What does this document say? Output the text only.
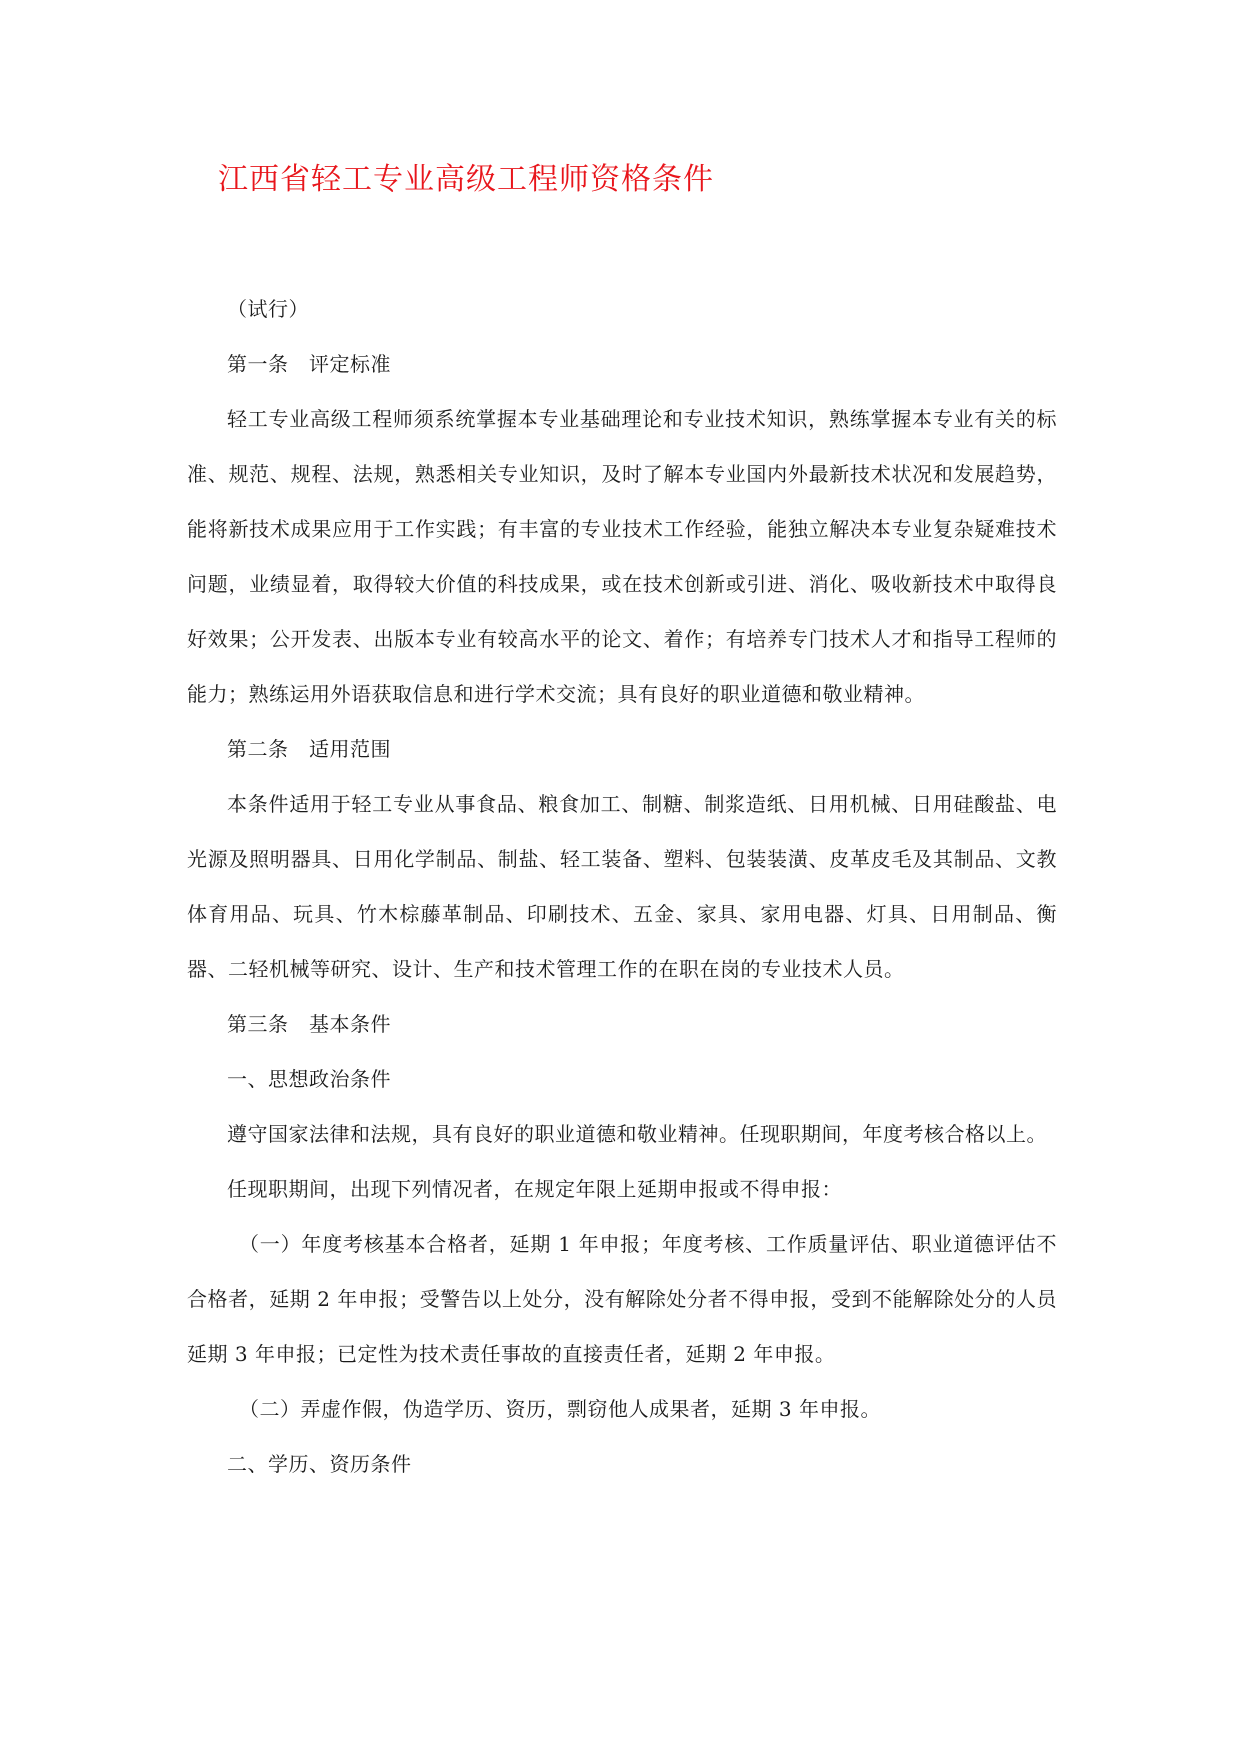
江西省轻工专业高级工程师资格条件

（试行）

第一条　评定标准

轻工专业高级工程师须系统掌握本专业基础理论和专业技术知识，熟练掌握本专业有关的标准、规范、规程、法规，熟悉相关专业知识，及时了解本专业国内外最新技术状况和发展趋势，能将新技术成果应用于工作实践；有丰富的专业技术工作经验，能独立解决本专业复杂疑难技术问题，业绩显着，取得较大价值的科技成果，或在技术创新或引进、消化、吸收新技术中取得良好效果；公开发表、出版本专业有较高水平的论文、着作；有培养专门技术人才和指导工程师的能力；熟练运用外语获取信息和进行学术交流；具有良好的职业道德和敬业精神。

第二条　适用范围

本条件适用于轻工专业从事食品、粮食加工、制糖、制浆造纸、日用机械、日用硅酸盐、电光源及照明器具、日用化学制品、制盐、轻工装备、塑料、包装装潢、皮革皮毛及其制品、文教体育用品、玩具、竹木棕藤革制品、印刷技术、五金、家具、家用电器、灯具、日用制品、衡器、二轻机械等研究、设计、生产和技术管理工作的在职在岗的专业技术人员。

第三条　基本条件

一、思想政治条件

遵守国家法律和法规，具有良好的职业道德和敬业精神。任现职期间，年度考核合格以上。

任现职期间，出现下列情况者，在规定年限上延期申报或不得申报：

（一）年度考核基本合格者，延期 1 年申报；年度考核、工作质量评估、职业道德评估不合格者，延期 2 年申报；受警告以上处分，没有解除处分者不得申报，受到不能解除处分的人员延期 3 年申报；已定性为技术责任事故的直接责任者，延期 2 年申报。

（二）弄虚作假，伪造学历、资历，剽窃他人成果者，延期 3 年申报。

二、学历、资历条件
